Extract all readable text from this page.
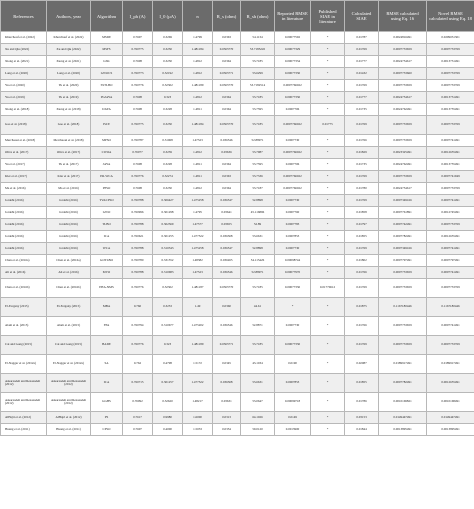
References	Authors, year	Algorithm	I_ph (A)	I_0 (µA)	n	R_s (ohm)	R_sh (ohm)	Reported RMSE in literature	Published SIAE in literature	Calculated SIAE	RMSE calculated using Eq. 16	Novel RMSE calculated using Eq. 18
Kharchouf et al. (2022)	Kharchouf et al. (2022)	MSDE	0.7607	0.3269	1.4799	0.0363	54.1134	0.00077592	*	0.01787	0.0024816491	0.0209031301
Xu and Qiu (2022)	Xu and Qiu (2022)	MSFS	0.760775	0.3230	1.481184	0.0363770	53.7185245	0.00077329	*	0.01769	0.0007733659	0.0007733769
Xiong et al. (2021)	Xiong et al. (2021)	GSK	0.7608	0.3230	1.4812	0.0364	53.7185	0.00077334	*	0.01777	0.0024754617	0.0013731491
Long et al. (2020)	Long et al. (2020)	GWOCS	0.760773	0.32192	1.4812	0.0363771	53.6299	0.00077330	*	0.01432	0.0007733660	0.0007733769
Yu et al. (2020)	Yu et al. (2020)	SSTLBO	0.760776	0.32302	1.481189	0.0363770	53.7182514	0.0007766022	*	0.01769	0.0007733659	0.0007733769
Yu et al. (2019)	Yu et al. (2019)	PGJAYA	0.7608	0.323	1.4812	0.0364	53.7185	0.00077330	*	0.01777	0.0024754617	0.0013731491
Xiong et al. (2018)	Xiong et al. (2018)	IJAYA	0.7608	0.3228	1.4811	0.0364	53.7595	0.0007706	*	0.01735	0.0024762491	0.0013755491
Gao et al. (2018)	Gao et al. (2018)	ISCE	0.760775	0.3230	1.481184	0.0363770	53.7185	0.0007766022	0.01775	0.01769	0.0007733659	0.0007733769
Merchaoui et al. (2018)	Merchaoui et al. (2018)	MPSO	0.760787	0.31068	1.47523	0.036546	52.88971	0.0007730	*	0.01766	0.0007733659	0.0007741491
Oliva et al. (2017)	Oliva et al. (2017)	CWOA	0.76077	0.3239	1.4812	0.03636	53.7987	0.0007766022	*	0.01829	0.0023325491	0.0012655491
Yu et al. (2017)	Yu et al. (2017)	JAYA	0.7608	0.3228	1.4811	0.0364	53.7595	0.0007706	*	0.01735	0.0024762491	0.0013755491
Kler et al. (2017)	Kler et al. (2017)	ER-WCA	0.760776	0.32274	1.4811	0.0363	53.7336	0.0007766022	*	0.01769	0.0007733659	0.0007741949
Ma et al. (2016)	Ma et al. (2016)	PPSO	0.7608	0.3230	1.4812	0.0364	53.7187	0.0007766022	*	0.01780	0.0024754617	0.0007733769
Jordehi (2016)	Jordehi (2016)	TVACPSO	0.760788	0.306427	1.475258	0.036547	52.8898	0.0007730	*	0.01769	0.0007349166	0.0007741491
Jordehi (2016)	Jordehi (2016)	GWO	0.760996	0.301298	1.4795	0.03641	45.116896	0.0007760	*	0.01858	0.0007761891	0.0012745491
Jordehi (2016)	Jordehi (2016)	TLBO	0.760788	0.302369	1.47577	0.03655	52.89	0.0007783	*	0.01797	0.0007742491	0.0007753769
Jordehi (2016)	Jordehi (2016)	ICA	0.760621	0.301255	1.477522	0.036368	53.6631	0.0007853	*	0.01855	0.0007782491	0.0012655491
Jordehi (2016)	Jordehi (2016)	WCA	0.760788	0.310343	1.475258	0.036547	52.8898	0.0007730	*	0.01769	0.0007349166	0.0007741491
Chen et al. (2016a)	Chen et al. (2016a)	GOTLBO	0.760780	0.331552	1.48382	0.036265	54.115426	0.00098744	*	0.01802	0.0007797491	0.0007797491
Ali et al. (2016)	Ali et al. (2016)	MVO	0.760788	0.310683	1.47523	0.036546	52.88971	0.00077970	*	0.01766	0.0007733659	0.0007741491
Chen et al. (2016b)	Chen et al. (2016b)	EHA-NMS	0.760776	0.32302	1.481187	0.0363770	53.7185	0.00077330	0.01770612	0.01769	0.0007733659	0.0007733769
El-Fergany (2015)	El-Fergany (2015)	MBA	0.760	0.3253	1.49	0.0360	44.61	*	*	0.01875	0.1167180446	0.1167180446
Alam et al. (2015)	Alam et al. (2015)	FPA	0.760794	0.310677	1.475202	0.036546	52.8871	0.0007730	*	0.01766	0.0007733659	0.0007741491
Cai and Gong (2015)	Cai and Gong (2015)	BADE	0.760776	0.323	1.481189	0.0363771	53.7185	0.00077330	*	0.01769	0.0007733659	0.0007733769
El-Naggar et al. (2012a)	El-Naggar et al. (2012a)	SA	0.762	0.4798	1.5172	0.0345	43.1034	0.0190	*	0.02087	0.0189917491	0.0189917491
Askarzadeh and Rezazadeh (2012)	Askarzadeh and Rezazadeh (2012)	ICA	0.760715	0.301257	1.477522	0.036368	53.6631	0.0007853	*	0.01855	0.0007782491	0.0012655491
Askarzadeh and Rezazadeh (2012)	Askarzadeh and Rezazadeh (2012)	GGHS	0.76092	0.32620	1.48217	0.03631	53.0647	0.00099718	*	0.01786	0.0010169821	0.0010168491
AlHajri et al. (2012)	AlHajri et al. (2012)	PS	0.7617	0.9980	1.6000	0.0313	64.1026	0.0149	*	0.03153	0.0149447491	0.0149447491
Huang et al. (2011)	Huang et al. (2011)	CPSO	0.7607	0.4000	1.5033	0.0354	59.0120	0.0013900	*	0.01844	0.0013895491	0.0013895491
